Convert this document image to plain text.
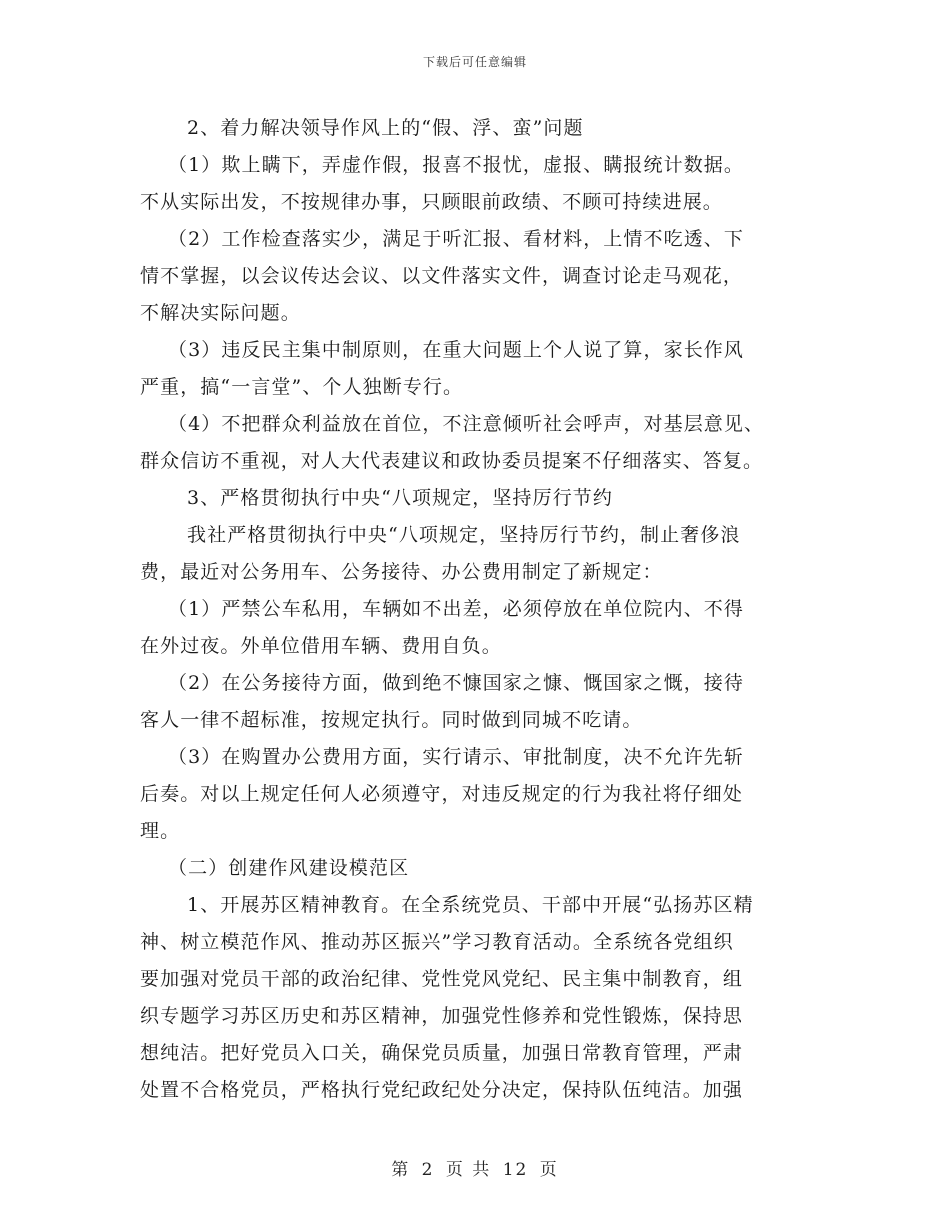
下载后可任意编辑
2、着力解决领导作风上的“假、浮、蛮”问题
（1）欺上瞒下，弄虚作假，报喜不报忧，虚报、瞒报统计数据。
不从实际出发，不按规律办事，只顾眼前政绩、不顾可持续进展。
（2）工作检查落实少，满足于听汇报、看材料，上情不吃透、下
情不掌握，以会议传达会议、以文件落实文件，调查讨论走马观花，
不解决实际问题。
（3）违反民主集中制原则，在重大问题上个人说了算，家长作风
严重，搞“一言堂”、个人独断专行。
（4）不把群众利益放在首位，不注意倾听社会呼声，对基层意见、
群众信访不重视，对人大代表建议和政协委员提案不仔细落实、答复。
3、严格贯彻执行中央“八项规定，坚持厉行节约
我社严格贯彻执行中央“八项规定，坚持厉行节约，制止奢侈浪
费，最近对公务用车、公务接待、办公费用制定了新规定：
（1）严禁公车私用，车辆如不出差，必须停放在单位院内、不得
在外过夜。外单位借用车辆、费用自负。
（2）在公务接待方面，做到绝不慷国家之慷、慨国家之慨，接待
客人一律不超标准，按规定执行。同时做到同城不吃请。
（3）在购置办公费用方面，实行请示、审批制度，决不允许先斩
后奏。对以上规定任何人必须遵守，对违反规定的行为我社将仔细处
理。
（二）创建作风建设模范区
1、开展苏区精神教育。在全系统党员、干部中开展“弘扬苏区精
神、树立模范作风、推动苏区振兴”学习教育活动。全系统各党组织
要加强对党员干部的政治纪律、党性党风党纪、民主集中制教育，组
织专题学习苏区历史和苏区精神，加强党性修养和党性锻炼，保持思
想纯洁。把好党员入口关，确保党员质量，加强日常教育管理，严肃
处置不合格党员，严格执行党纪政纪处分决定，保持队伍纯洁。加强
第 2 页 共 12 页
